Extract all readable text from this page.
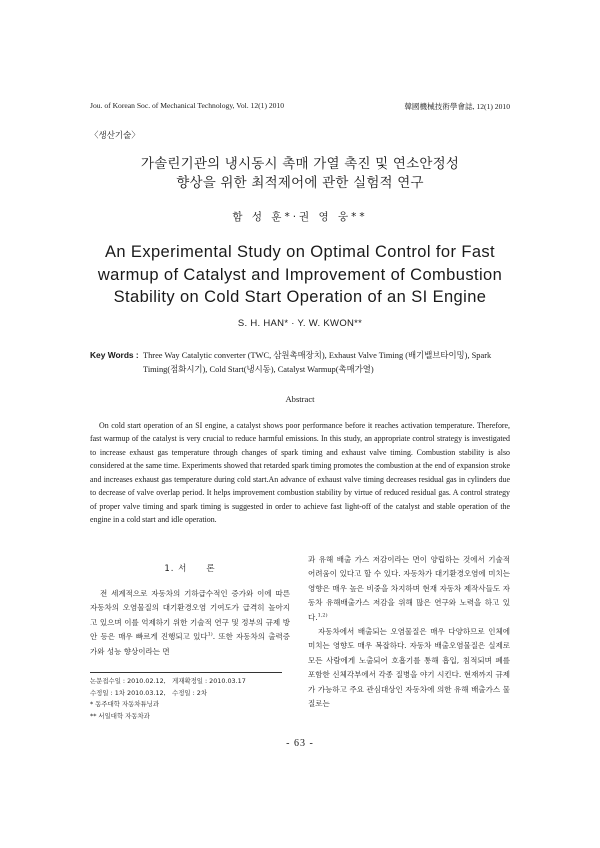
Jou. of Korean Soc. of Mechanical Technology, Vol. 12(1) 2010	韓國機械技術學會誌, 12(1) 2010
〈생산기술〉
가솔린기관의 냉시동시 촉매 가열 촉진 및 연소안정성
향상을 위한 최적제어에 관한 실험적 연구
함 성 훈*·권 영 웅**
An Experimental Study on Optimal Control for Fast
warmup of Catalyst and Improvement of Combustion
Stability on Cold Start Operation of an SI Engine
S. H. HAN* · Y. W. KWON**
Key Words : Three Way Catalytic converter (TWC, 삼원촉매장치), Exhaust Valve Timing (배기밸브타이밍), Spark Timing(점화시기), Cold Start(냉시동), Catalyst Warmup(촉매가열)
Abstract
On cold start operation of an SI engine, a catalyst shows poor performance before it reaches activation temperature. Therefore, fast warmup of the catalyst is very crucial to reduce harmful emissions. In this study, an appropriate control strategy is investigated to increase exhaust gas temperature through changes of spark timing and exhaust valve timing. Combustion stability is also considered at the same time. Experiments showed that retarded spark timing promotes the combustion at the end of expansion stroke and increases exhaust gas temperature during cold start.An advance of exhaust valve timing decreases residual gas in cylinders due to decrease of valve overlap period. It helps improvement combustion stability by virtue of reduced residual gas. A control strategy of proper valve timing and spark timing is suggested in order to achieve fast light-off of the catalyst and stable operation of the engine in a cold start and idle operation.
1. 서　　론

전 세계적으로 자동차의 기하급수적인 증가와 이에 따른 자동차의 오염물질의 대기환경오염 기여도가 급격히 높아지고 있으며 이를 억제하기 위한 기술적 연구 및 정부의 규제 방안 등은 매우 빠르게 진행되고 있다$^{1)}$. 또한 자동차의 출력증가와 성능 향상이라는 면

과 유해 배출 가스 저감이라는 면이 양립하는 것에서 기술적 어려움이 있다고 할 수 있다. 자동차가 대기환경오염에 미치는 영향은 매우 높은 비중을 차지하며 현재 자동차 제작사들도 자동차 유해배출가스 저감을 위해 많은 연구와 노력을 하고 있다.$^{1,2)}$

자동차에서 배출되는 오염물질은 매우 다양하므로 인체에 미치는 영향도 매우 복잡하다. 자동차 배출오염물질은 실제로 모든 사람에게 노출되어 호흡기를 통해 흡입, 침적되며 폐를 포함한 신체각부에서 각종 질병을 야기 시킨다. 현재까지 규제가 가능하고 주요 관심대상인 자동차에 의한 유해 배출가스 물질로는

논문접수일 : 2010.02.12,　게재확정일 : 2010.03.17
수정일 : 1차 2010.03.12,　수정일 : 2차
* 동주대학 자동차튜닝과
** 서일대학 자동차과
- 63 -
